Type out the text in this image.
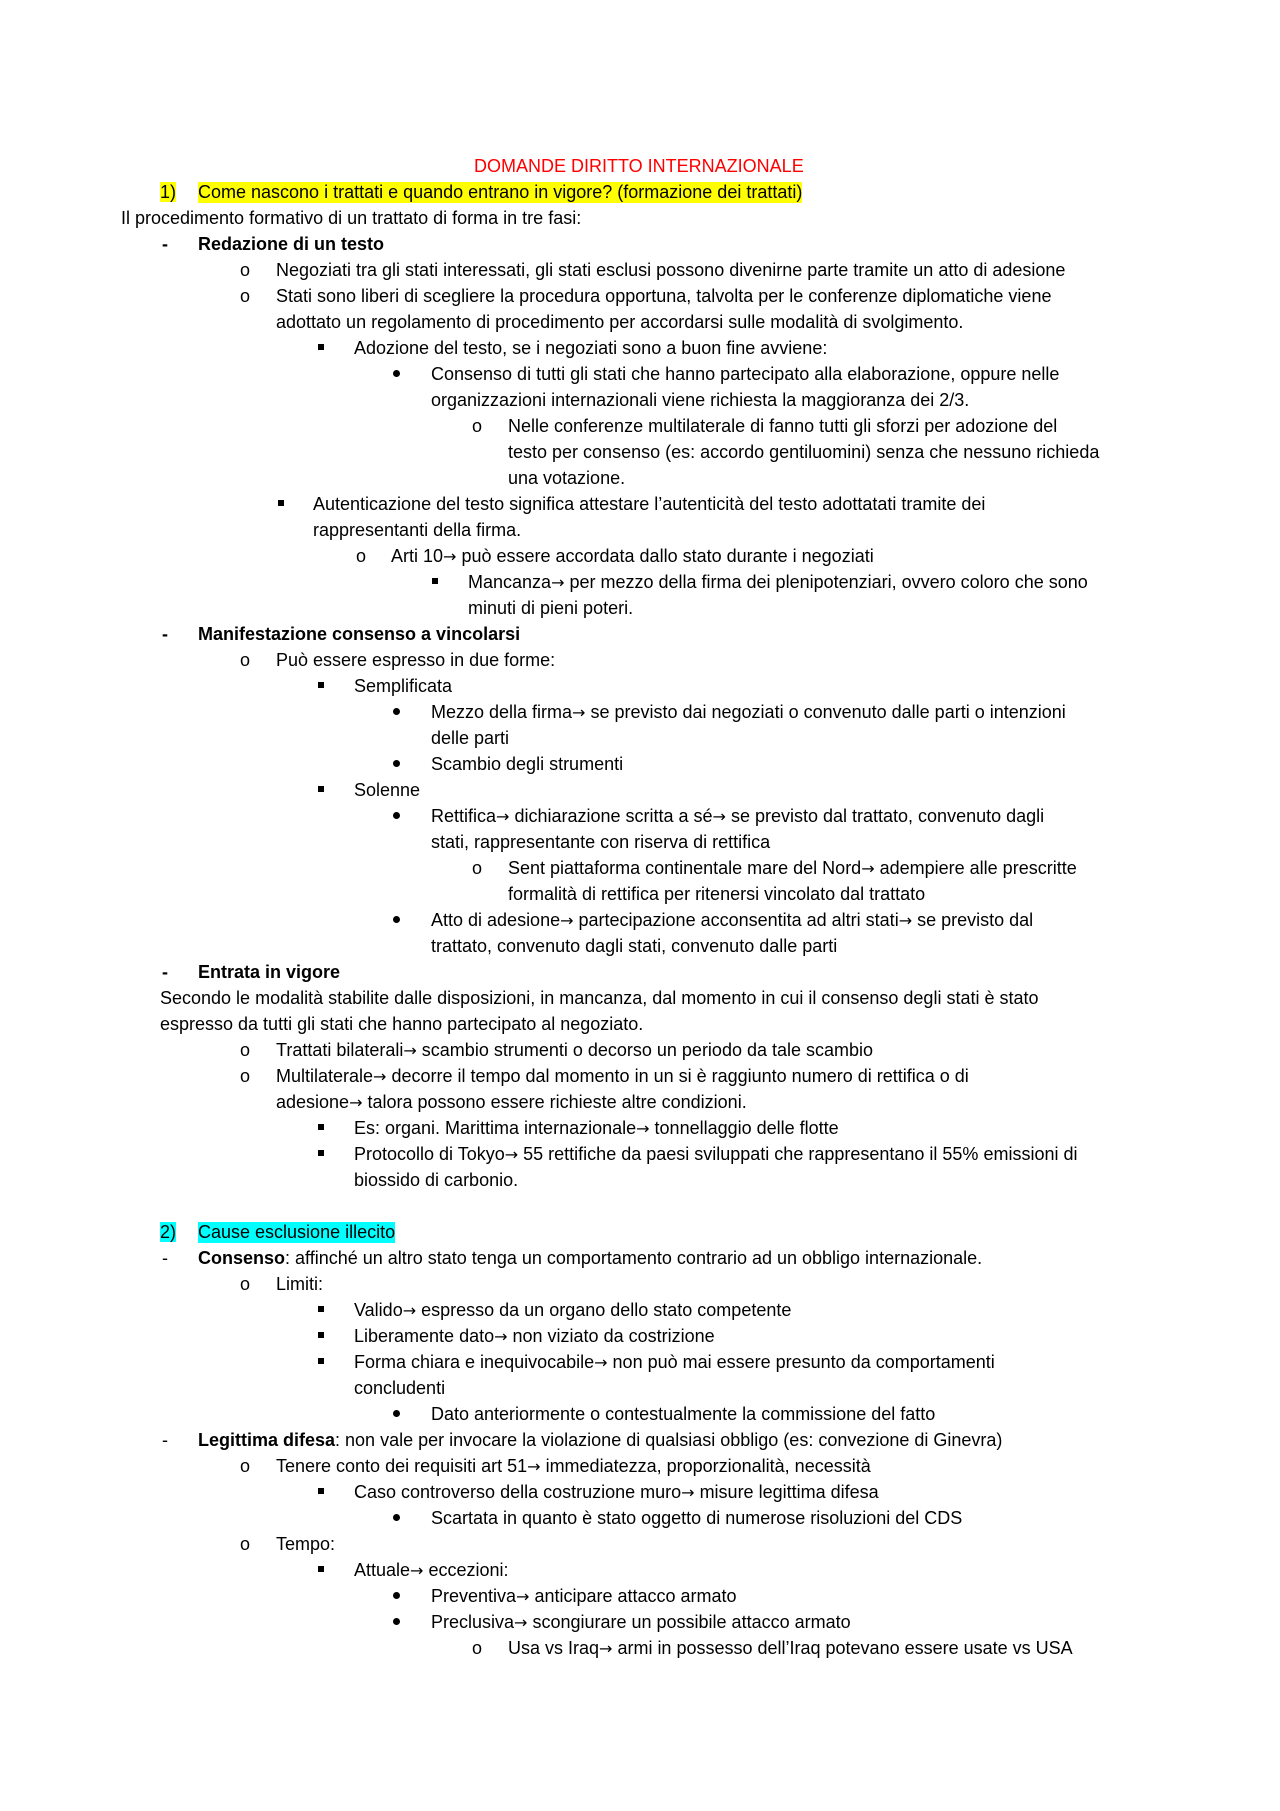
DOMANDE DIRITTO INTERNAZIONALE
1) Come nascono i trattati e quando entrano in vigore? (formazione dei trattati)
Il procedimento formativo di un trattato di forma in tre fasi:
- Redazione di un testo
o Negoziati tra gli stati interessati, gli stati esclusi possono divenirne parte tramite un atto di adesione
o Stati sono liberi di scegliere la procedura opportuna, talvolta per le conferenze diplomatiche viene
adottato un regolamento di procedimento per accordarsi sulle modalità di svolgimento.
Adozione del testo, se i negoziati sono a buon fine avviene:
Consenso di tutti gli stati che hanno partecipato alla elaborazione, oppure nelle
organizzazioni internazionali viene richiesta la maggioranza dei 2/3.
o Nelle conferenze multilaterale di fanno tutti gli sforzi per adozione del
testo per consenso (es: accordo gentiluomini) senza che nessuno richieda
una votazione.
Autenticazione del testo significa attestare l’autenticità del testo adottatati tramite dei
rappresentanti della firma.
o Arti 10→ può essere accordata dallo stato durante i negoziati
Mancanza→ per mezzo della firma dei plenipotenziari, ovvero coloro che sono
minuti di pieni poteri.
- Manifestazione consenso a vincolarsi
o Può essere espresso in due forme:
Semplificata
Mezzo della firma→ se previsto dai negoziati o convenuto dalle parti o intenzioni
delle parti
Scambio degli strumenti
Solenne
Rettifica→ dichiarazione scritta a sé→ se previsto dal trattato, convenuto dagli
stati, rappresentante con riserva di rettifica
o Sent piattaforma continentale mare del Nord→ adempiere alle prescritte
formalità di rettifica per ritenersi vincolato dal trattato
Atto di adesione→ partecipazione acconsentita ad altri stati→ se previsto dal
trattato, convenuto dagli stati, convenuto dalle parti
- Entrata in vigore
Secondo le modalità stabilite dalle disposizioni, in mancanza, dal momento in cui il consenso degli stati è stato
espresso da tutti gli stati che hanno partecipato al negoziato.
o Trattati bilaterali→ scambio strumenti o decorso un periodo da tale scambio
o Multilaterale→ decorre il tempo dal momento in un si è raggiunto numero di rettifica o di
adesione→ talora possono essere richieste altre condizioni.
Es: organi. Marittima internazionale→ tonnellaggio delle flotte
Protocollo di Tokyo→ 55 rettifiche da paesi sviluppati che rappresentano il 55% emissioni di
biossido di carbonio.
2) Cause esclusione illecito
- Consenso: affinché un altro stato tenga un comportamento contrario ad un obbligo internazionale.
o Limiti:
Valido→ espresso da un organo dello stato competente
Liberamente dato→ non viziato da costrizione
Forma chiara e inequivocabile→ non può mai essere presunto da comportamenti
concludenti
Dato anteriormente o contestualmente la commissione del fatto
- Legittima difesa: non vale per invocare la violazione di qualsiasi obbligo (es: convezione di Ginevra)
o Tenere conto dei requisiti art 51→ immediatezza, proporzionalità, necessità
Caso controverso della costruzione muro→ misure legittima difesa
Scartata in quanto è stato oggetto di numerose risoluzioni del CDS
o Tempo:
Attuale→ eccezioni:
Preventiva→ anticipare attacco armato
Preclusiva→ scongiurare un possibile attacco armato
o Usa vs Iraq→ armi in possesso dell’Iraq potevano essere usate vs USA
